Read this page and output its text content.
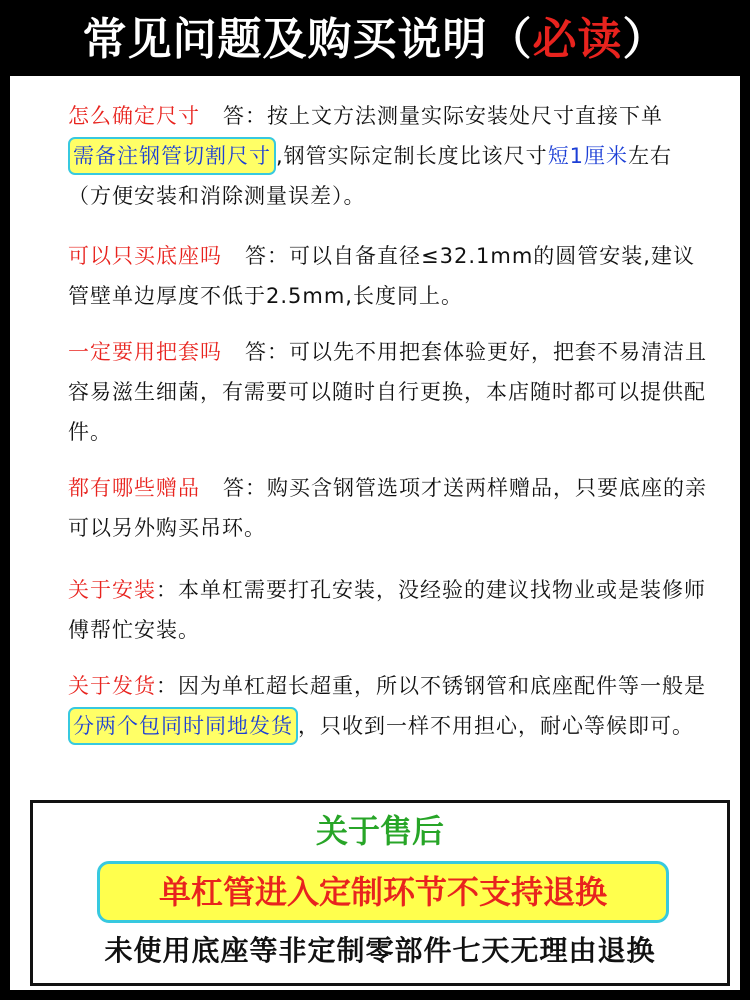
常见问题及购买说明（必读）
怎么确定尺寸 答：按上文方法测量实际安装处尺寸直接下单需备注钢管切割尺寸 ,钢管实际定制长度比该尺寸短1厘米左右（方便安装和消除测量误差）。
可以只买底座吗 答：可以自备直径≤32.1mm的圆管安装,建议管壁单边厚度不低于2.5mm,长度同上。
一定要用把套吗 答：可以先不用把套体验更好，把套不易清洁且容易滋生细菌，有需要可以随时自行更换，本店随时都可以提供配件。
都有哪些赠品 答：购买含钢管选项才送两样赠品，只要底座的亲可以另外购买吊环。
关于安装：本单杠需要打孔安装，没经验的建议找物业或是装修师傅帮忙安装。
关于发货：因为单杠超长超重，所以不锈钢管和底座配件等一般是分两个包同时同地发货 ，只收到一样不用担心，耐心等候即可。
关于售后
单杠管进入定制环节不支持退换
未使用底座等非定制零部件七天无理由退换
